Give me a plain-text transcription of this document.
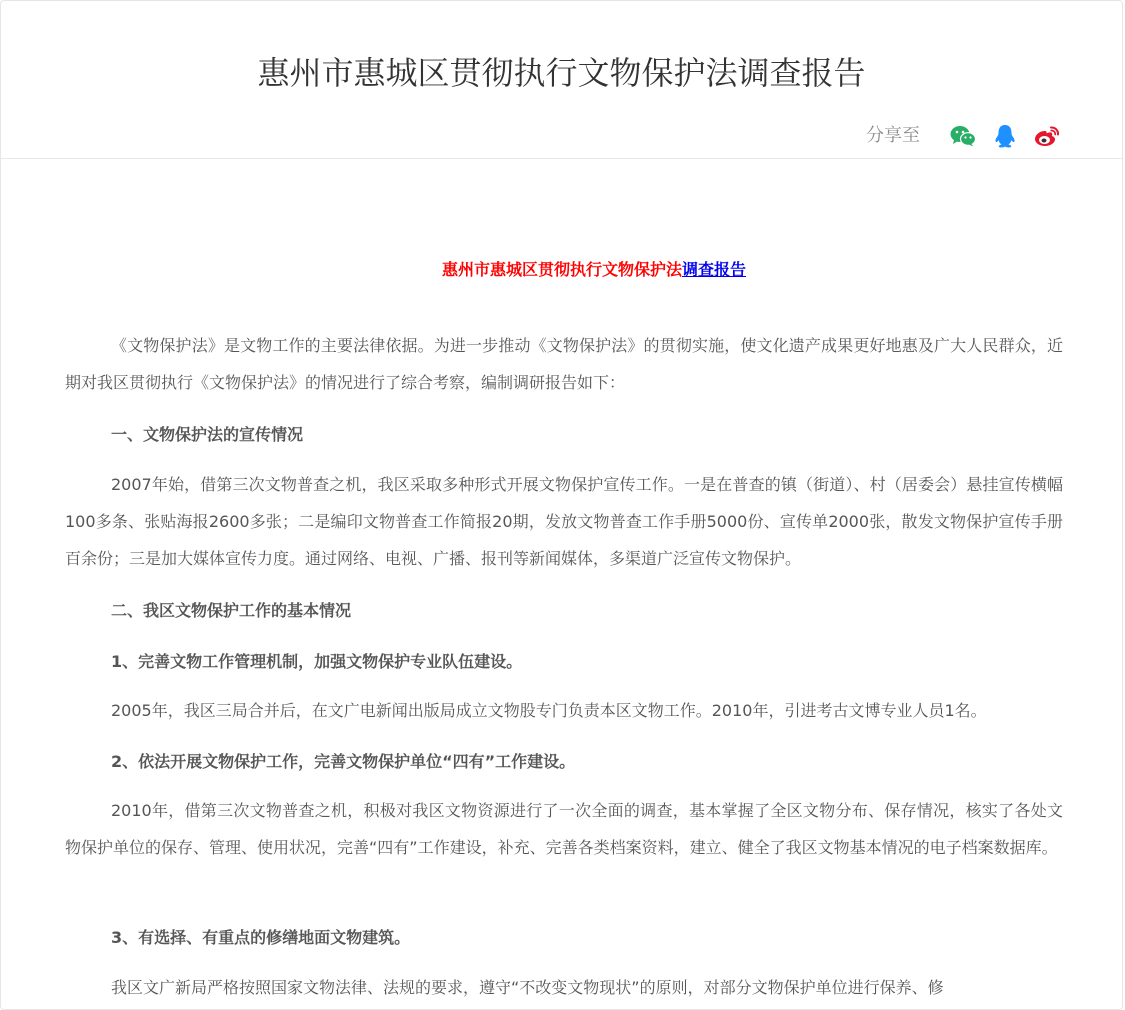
惠州市惠城区贯彻执行文物保护法调查报告
分享至
惠州市惠城区贯彻执行文物保护法调查报告

《文物保护法》是文物工作的主要法律依据。为进一步推动《文物保护法》的贯彻实施，使文化遗产成果更好地惠及广大人民群众，近期对我区贯彻执行《文物保护法》的情况进行了综合考察，编制调研报告如下：

一、文物保护法的宣传情况

2007年始，借第三次文物普查之机，我区采取多种形式开展文物保护宣传工作。一是在普查的镇（街道）、村（居委会）悬挂宣传横幅100多条、张贴海报2600多张；二是编印文物普查工作简报20期，发放文物普查工作手册5000份、宣传单2000张，散发文物保护宣传手册百余份；三是加大媒体宣传力度。通过网络、电视、广播、报刊等新闻媒体，多渠道广泛宣传文物保护。

二、我区文物保护工作的基本情况

1、完善文物工作管理机制，加强文物保护专业队伍建设。

2005年，我区三局合并后，在文广电新闻出版局成立文物股专门负责本区文物工作。2010年，引进考古文博专业人员1名。

2、依法开展文物保护工作，完善文物保护单位“四有”工作建设。

2010年，借第三次文物普查之机，积极对我区文物资源进行了一次全面的调查，基本掌握了全区文物分布、保存情况，核实了各处文物保护单位的保存、管理、使用状况，完善“四有”工作建设，补充、完善各类档案资料，建立、健全了我区文物基本情况的电子档案数据库。

3、有选择、有重点的修缮地面文物建筑。

我区文广新局严格按照国家文物法律、法规的要求，遵守“不改变文物现状”的原则，对部分文物保护单位进行保养、修
